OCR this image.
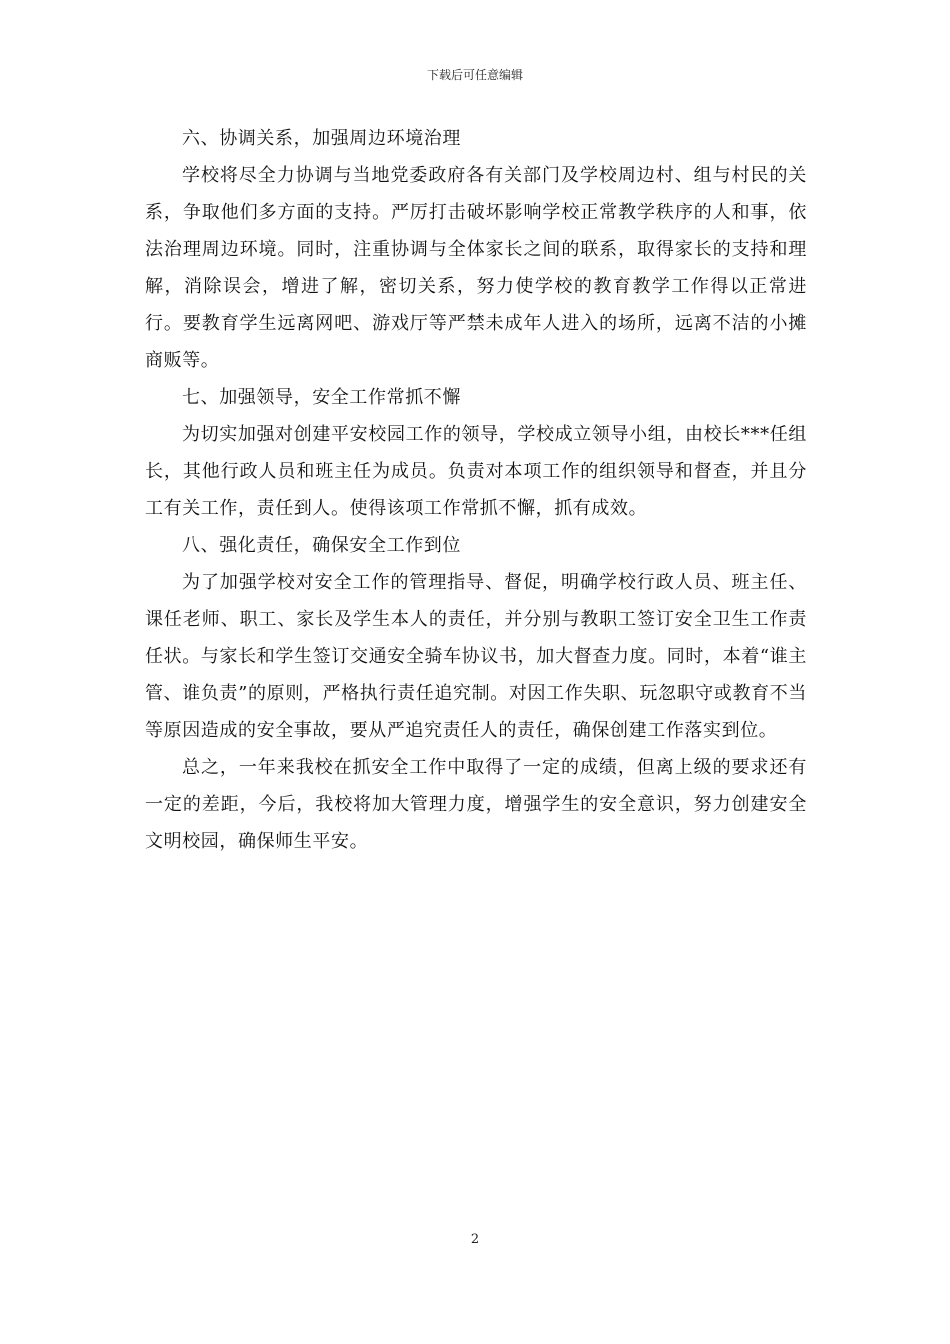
下载后可任意编辑

六、协调关系，加强周边环境治理

学校将尽全力协调与当地党委政府各有关部门及学校周边村、组与村民的关系，争取他们多方面的支持。严厉打击破坏影响学校正常教学秩序的人和事，依法治理周边环境。同时，注重协调与全体家长之间的联系，取得家长的支持和理解，消除误会，增进了解，密切关系，努力使学校的教育教学工作得以正常进行。要教育学生远离网吧、游戏厅等严禁未成年人进入的场所，远离不洁的小摊商贩等。

七、加强领导，安全工作常抓不懈

为切实加强对创建平安校园工作的领导，学校成立领导小组，由校长***任组长，其他行政人员和班主任为成员。负责对本项工作的组织领导和督查，并且分工有关工作，责任到人。使得该项工作常抓不懈，抓有成效。

八、强化责任，确保安全工作到位

为了加强学校对安全工作的管理指导、督促，明确学校行政人员、班主任、课任老师、职工、家长及学生本人的责任，并分别与教职工签订安全卫生工作责任状。与家长和学生签订交通安全骑车协议书，加大督查力度。同时，本着“谁主管、谁负责”的原则，严格执行责任追究制。对因工作失职、玩忽职守或教育不当等原因造成的安全事故，要从严追究责任人的责任，确保创建工作落实到位。

总之，一年来我校在抓安全工作中取得了一定的成绩，但离上级的要求还有一定的差距，今后，我校将加大管理力度，增强学生的安全意识，努力创建安全文明校园，确保师生平安。

2
